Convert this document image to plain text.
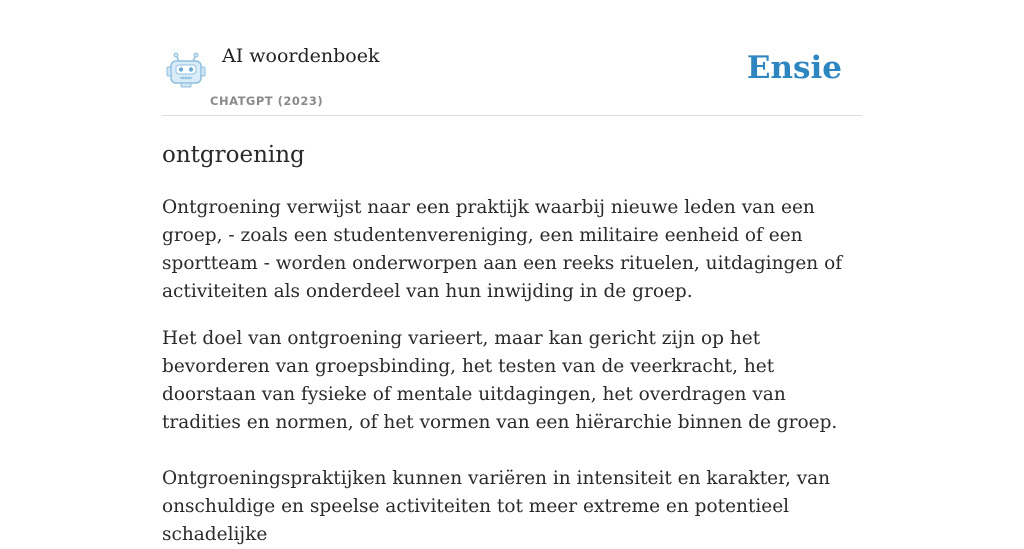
AI woordenboek
CHATGPT (2023)
Ensie
ontgroening

Ontgroening verwijst naar een praktijk waarbij nieuwe leden van een groep, - zoals een studentenvereniging, een militaire eenheid of een sportteam - worden onderworpen aan een reeks rituelen, uitdagingen of activiteiten als onderdeel van hun inwijding in de groep.

Het doel van ontgroening varieert, maar kan gericht zijn op het bevorderen van groepsbinding, het testen van de veerkracht, het doorstaan van fysieke of mentale uitdagingen, het overdragen van tradities en normen, of het vormen van een hiërarchie binnen de groep.

Ontgroeningspraktijken kunnen variëren in intensiteit en karakter, van onschuldige en speelse activiteiten tot meer extreme en potentieel schadelijke
